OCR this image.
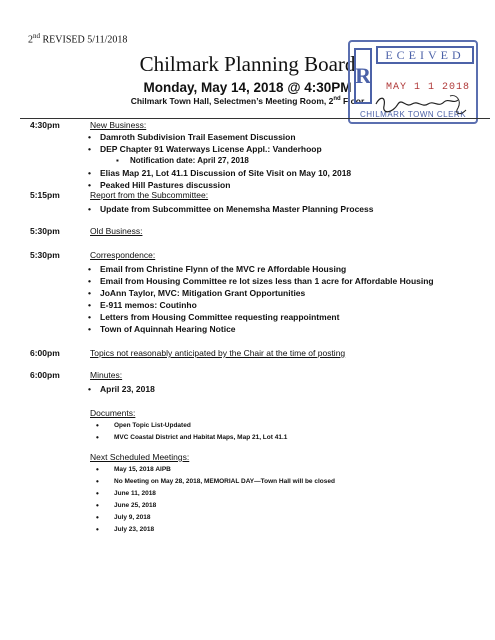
2nd REVISED 5/11/2018
Chilmark Planning Board
Monday, May 14, 2018 @ 4:30PM
Chilmark Town Hall, Selectmen’s Meeting Room, 2nd Floor
R
ECEIVED
MAY 1 1 2018
CHILMARK TOWN CLERK
4:30pm	New Business:
• Damroth Subdivision Trail Easement Discussion
• DEP Chapter 91 Waterways License Appl.: Vanderhoop
▪ Notification date: April 27, 2018
• Elias Map 21, Lot 41.1 Discussion of Site Visit on May 10, 2018
• Peaked Hill Pastures discussion
5:15pm	Report from the Subcommittee:
• Update from Subcommittee on Menemsha Master Planning Process
5:30pm	Old Business:
5:30pm	Correspondence:
• Email from Christine Flynn of the MVC re Affordable Housing
• Email from Housing Committee re lot sizes less than 1 acre for Affordable Housing
• JoAnn Taylor, MVC: Mitigation Grant Opportunities
• E-911 memos: Coutinho
• Letters from Housing Committee requesting reappointment
• Town of Aquinnah Hearing Notice
6:00pm	Topics not reasonably anticipated by the Chair at the time of posting
6:00pm	Minutes:
• April 23, 2018
Documents:
• Open Topic List-Updated
• MVC Coastal District and Habitat Maps, Map 21, Lot 41.1
Next Scheduled Meetings:
• May 15, 2018 AIPB
• No Meeting on May 28, 2018, MEMORIAL DAY—Town Hall will be closed
• June 11, 2018
• June 25, 2018
• July 9, 2018
• July 23, 2018
